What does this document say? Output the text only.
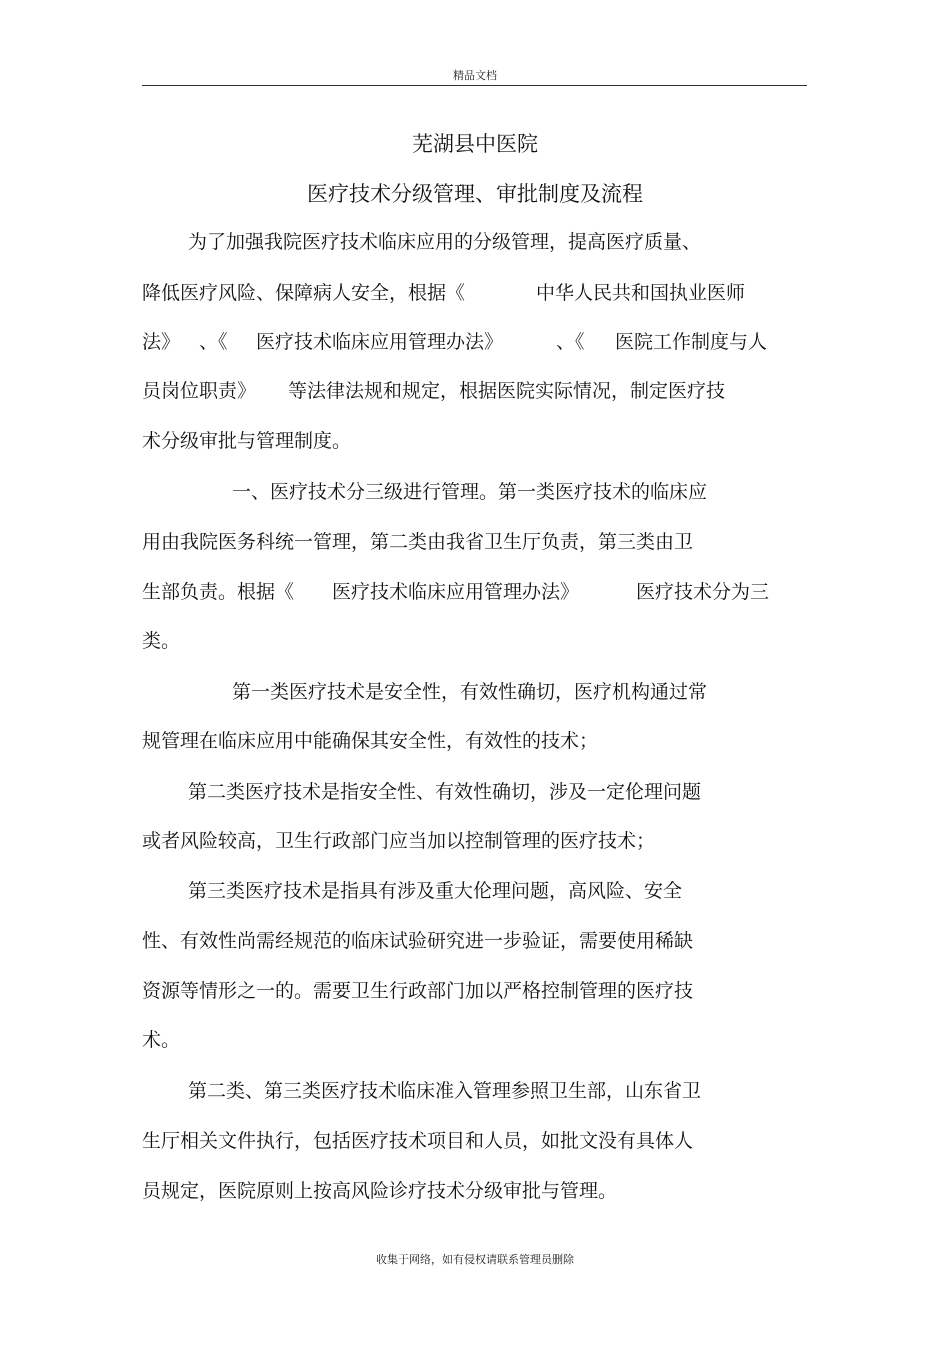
精品文档
芜湖县中医院
医疗技术分级管理、审批制度及流程
为了加强我院医疗技术临床应用的分级管理，提高医疗质量、
降低医疗风险、保障病人安全，根据《	中华人民共和国执业医师
法》 、《 医疗技术临床应用管理办法》	、《 医院工作制度与人
员岗位职责》 等法律法规和规定，根据医院实际情况，制定医疗技
术分级审批与管理制度。
一、医疗技术分三级进行管理。第一类医疗技术的临床应
用由我院医务科统一管理，第二类由我省卫生厅负责，第三类由卫
生部负责。根据《 医疗技术临床应用管理办法》	医疗技术分为三
类。
第一类医疗技术是安全性，有效性确切，医疗机构通过常
规管理在临床应用中能确保其安全性，有效性的技术；
第二类医疗技术是指安全性、有效性确切，涉及一定伦理问题
或者风险较高，卫生行政部门应当加以控制管理的医疗技术；
第三类医疗技术是指具有涉及重大伦理问题，高风险、安全
性、有效性尚需经规范的临床试验研究进一步验证，需要使用稀缺
资源等情形之一的。需要卫生行政部门加以严格控制管理的医疗技
术。
第二类、第三类医疗技术临床准入管理参照卫生部，山东省卫
生厅相关文件执行，包括医疗技术项目和人员，如批文没有具体人
员规定，医院原则上按高风险诊疗技术分级审批与管理。
收集于网络，如有侵权请联系管理员删除
